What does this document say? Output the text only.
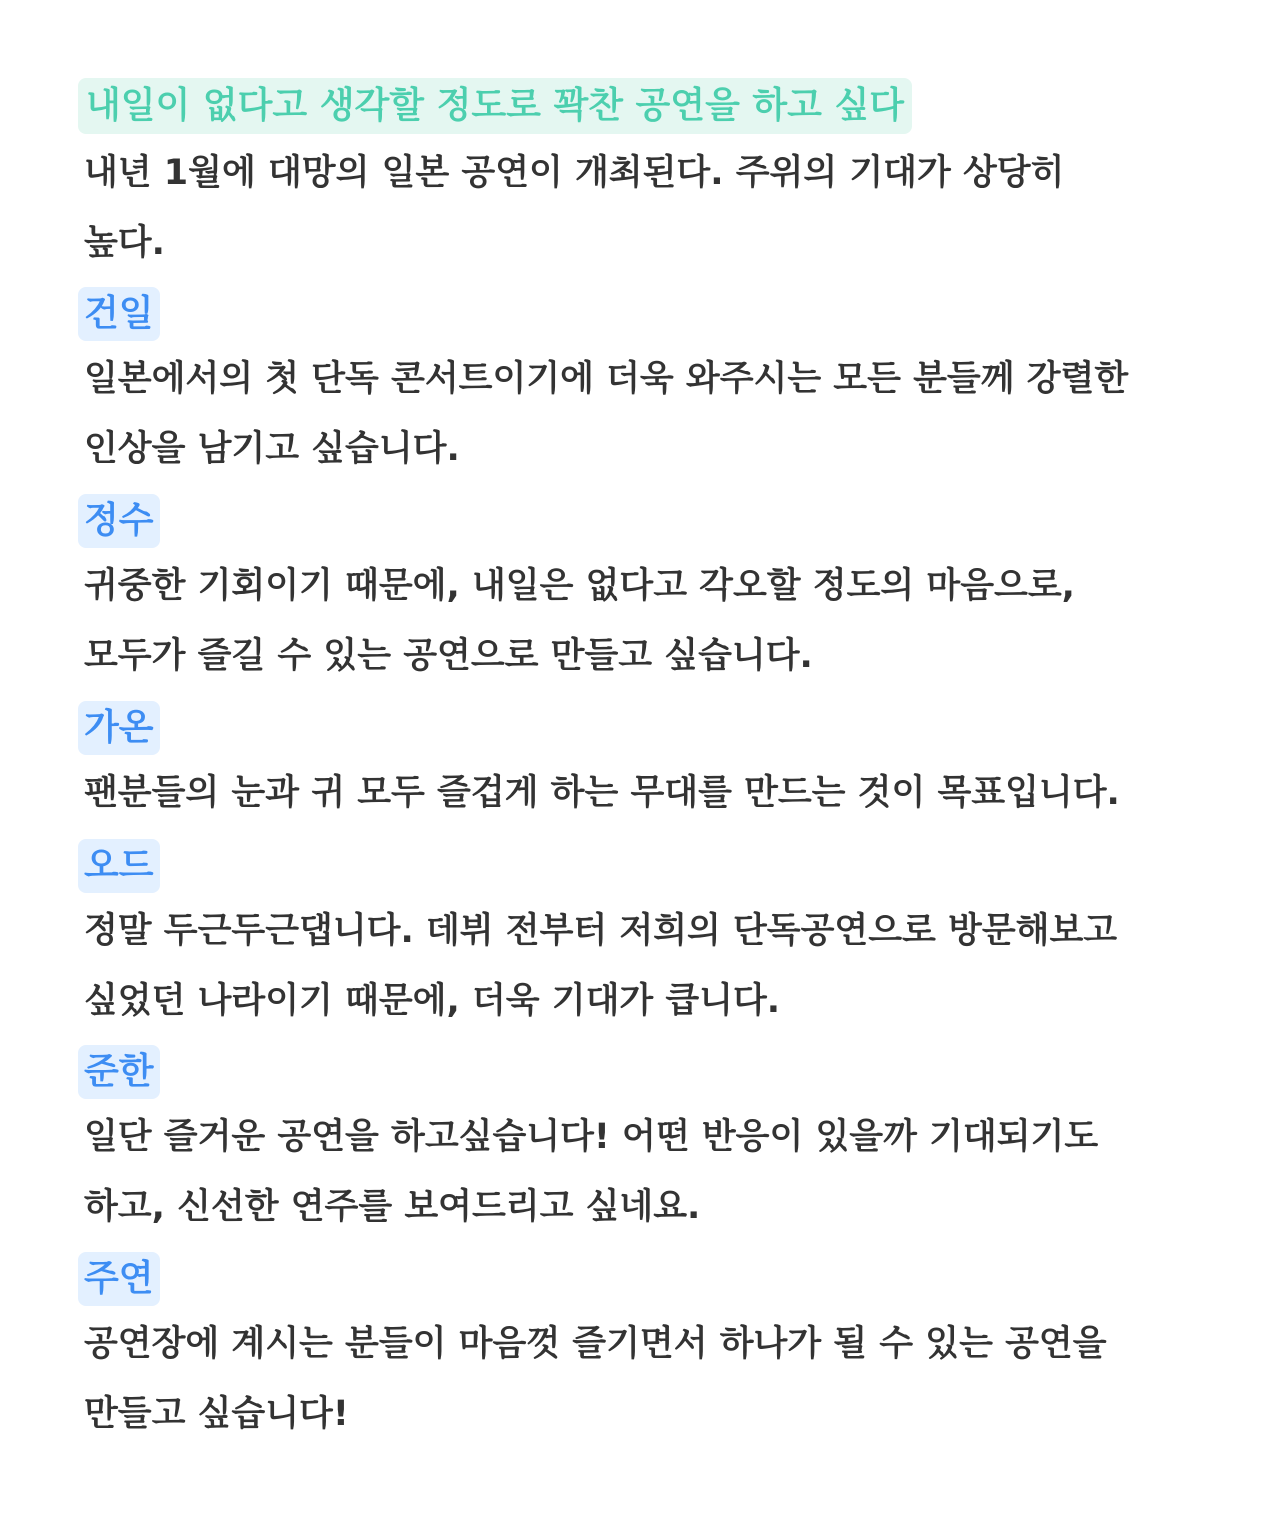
내일이 없다고 생각할 정도로 꽉찬 공연을 하고 싶다
내년 1월에 대망의 일본 공연이 개최된다. 주위의 기대가 상당히
높다.
건일
일본에서의 첫 단독 콘서트이기에 더욱 와주시는 모든 분들께 강렬한
인상을 남기고 싶습니다.
정수
귀중한 기회이기 때문에, 내일은 없다고 각오할 정도의 마음으로,
모두가 즐길 수 있는 공연으로 만들고 싶습니다.
가온
팬분들의 눈과 귀 모두 즐겁게 하는 무대를 만드는 것이 목표입니다.
오드
정말 두근두근댑니다. 데뷔 전부터 저희의 단독공연으로 방문해보고
싶었던 나라이기 때문에, 더욱 기대가 큽니다.
준한
일단 즐거운 공연을 하고싶습니다! 어떤 반응이 있을까 기대되기도
하고, 신선한 연주를 보여드리고 싶네요.
주연
공연장에 계시는 분들이 마음껏 즐기면서 하나가 될 수 있는 공연을
만들고 싶습니다!
